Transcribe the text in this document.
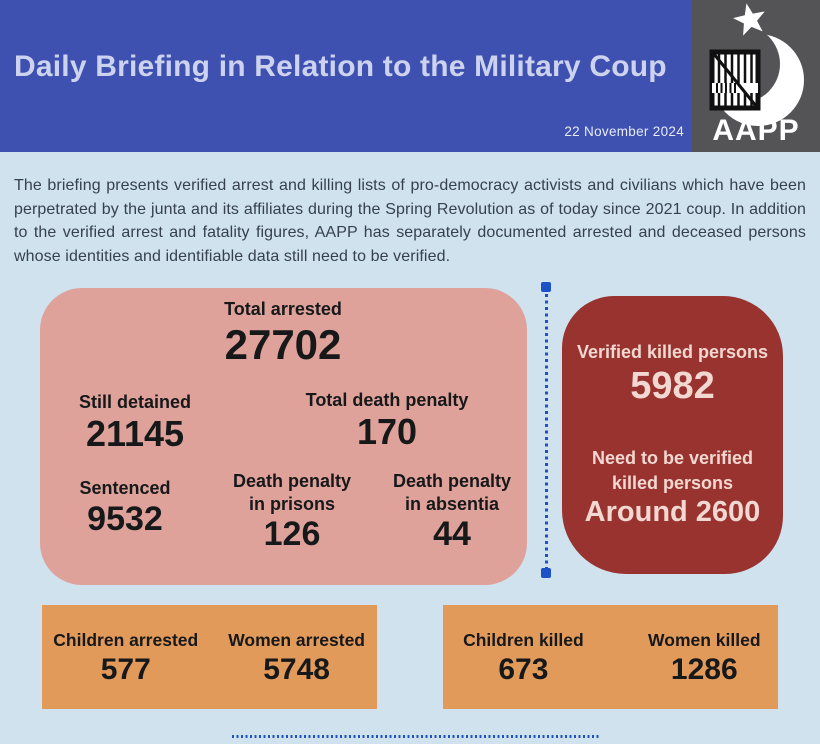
Daily Briefing in Relation to the Military Coup
22 November 2024 AAPP

The briefing presents verified arrest and killing lists of pro-democracy activists and civilians which have been perpetrated by the junta and its affiliates during the Spring Revolution as of today since 2021 coup. In addition to the verified arrest and fatality figures, AAPP has separately documented arrested and deceased persons whose identities and identifiable data still need to be verified.

Total arrested
27702
Still detained
21145
Total death penalty
170
Sentenced
9532
Death penalty in prisons
126
Death penalty in absentia
44
Verified killed persons
5982
Need to be verified killed persons
Around 2600
Children arrested
577
Women arrested
5748
Children killed
673
Women killed
1286
